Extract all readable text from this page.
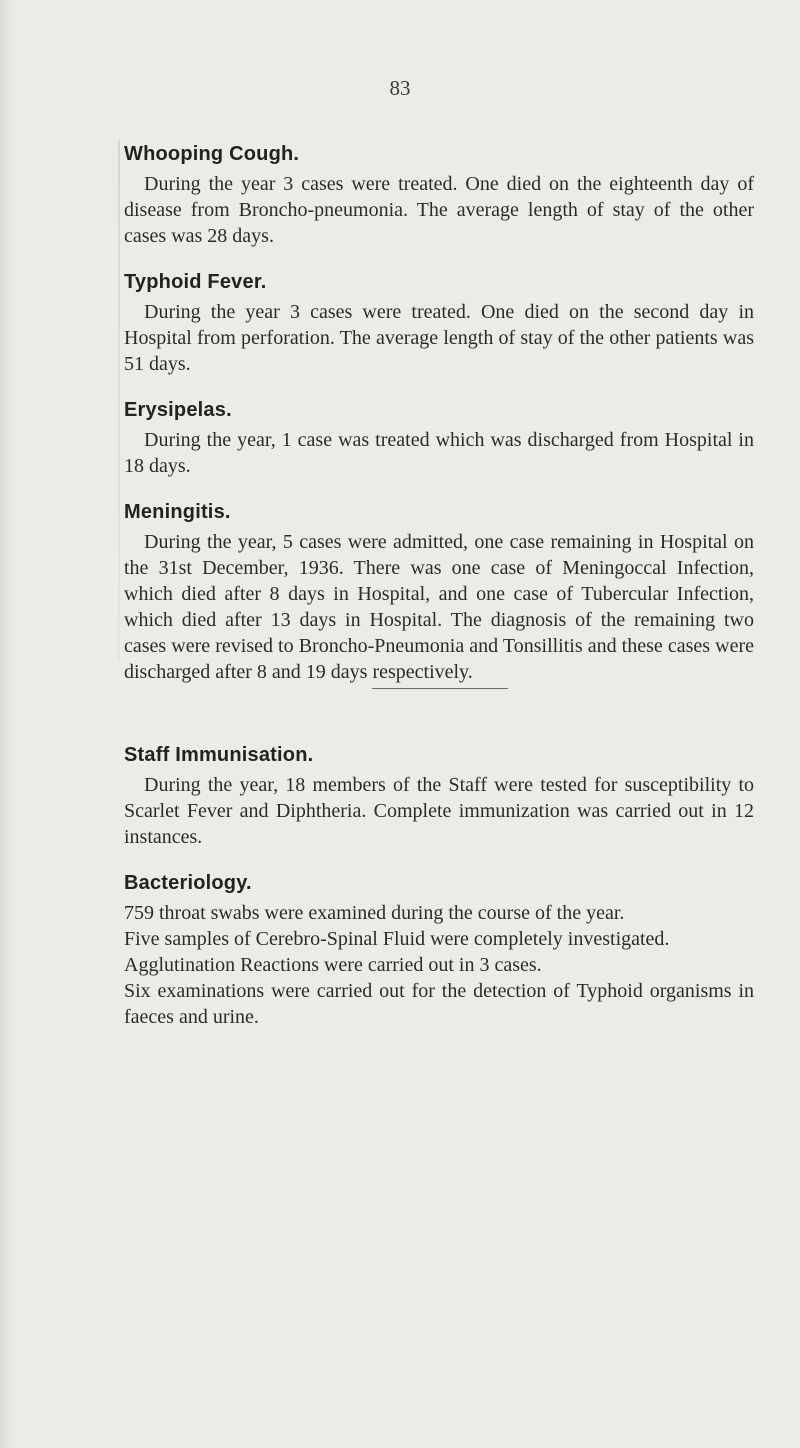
83
Whooping Cough.

During the year 3 cases were treated. One died on the eighteenth day of disease from Broncho-pneumonia. The average length of stay of the other cases was 28 days.

Typhoid Fever.

During the year 3 cases were treated. One died on the second day in Hospital from perforation. The average length of stay of the other patients was 51 days.

Erysipelas.

During the year, 1 case was treated which was discharged from Hospital in 18 days.

Meningitis.

During the year, 5 cases were admitted, one case remaining in Hospital on the 31st December, 1936. There was one case of Meningoccal Infection, which died after 8 days in Hospital, and one case of Tubercular Infection, which died after 13 days in Hospital. The diagnosis of the remaining two cases were revised to Broncho-Pneumonia and Tonsillitis and these cases were discharged after 8 and 19 days respectively.

Staff Immunisation.

During the year, 18 members of the Staff were tested for susceptibility to Scarlet Fever and Diphtheria. Complete immunization was carried out in 12 instances.

Bacteriology.

759 throat swabs were examined during the course of the year.

Five samples of Cerebro-Spinal Fluid were completely investigated.

Agglutination Reactions were carried out in 3 cases.

Six examinations were carried out for the detection of Typhoid organisms in faeces and urine.
